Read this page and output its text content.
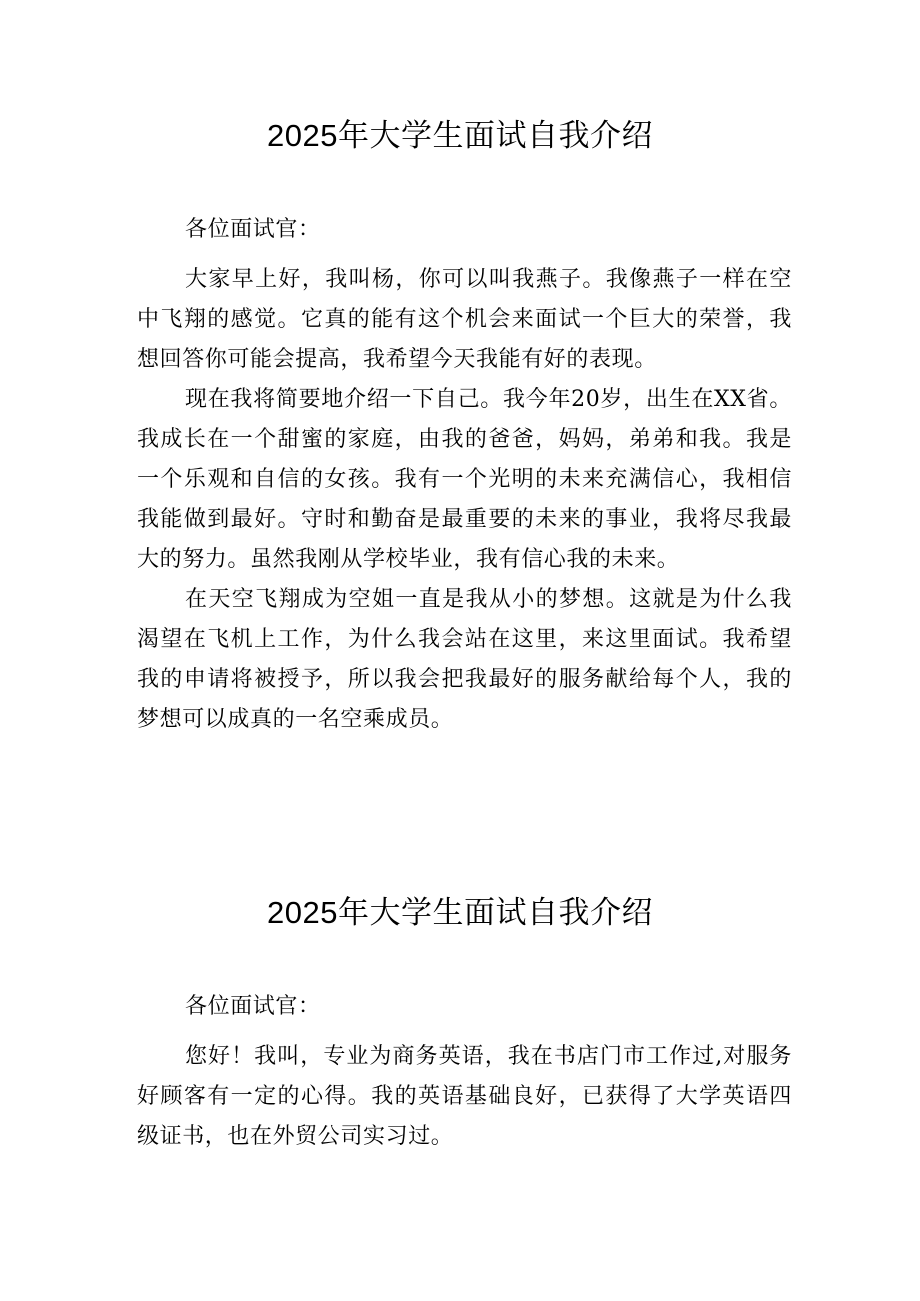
2025年大学生面试自我介绍

各位面试官：

大家早上好，我叫杨，你可以叫我燕子。我像燕子一样在空中飞翔的感觉。它真的能有这个机会来面试一个巨大的荣誉，我想回答你可能会提高，我希望今天我能有好的表现。

现在我将简要地介绍一下自己。我今年20岁，出生在XX省。我成长在一个甜蜜的家庭，由我的爸爸，妈妈，弟弟和我。我是一个乐观和自信的女孩。我有一个光明的未来充满信心，我相信我能做到最好。守时和勤奋是最重要的未来的事业，我将尽我最大的努力。虽然我刚从学校毕业，我有信心我的未来。

在天空飞翔成为空姐一直是我从小的梦想。这就是为什么我渴望在飞机上工作，为什么我会站在这里，来这里面试。我希望我的申请将被授予，所以我会把我最好的服务献给每个人，我的梦想可以成真的一名空乘成员。

2025年大学生面试自我介绍

各位面试官：

您好！我叫，专业为商务英语，我在书店门市工作过,对服务好顾客有一定的心得。我的英语基础良好，已获得了大学英语四级证书，也在外贸公司实习过。
